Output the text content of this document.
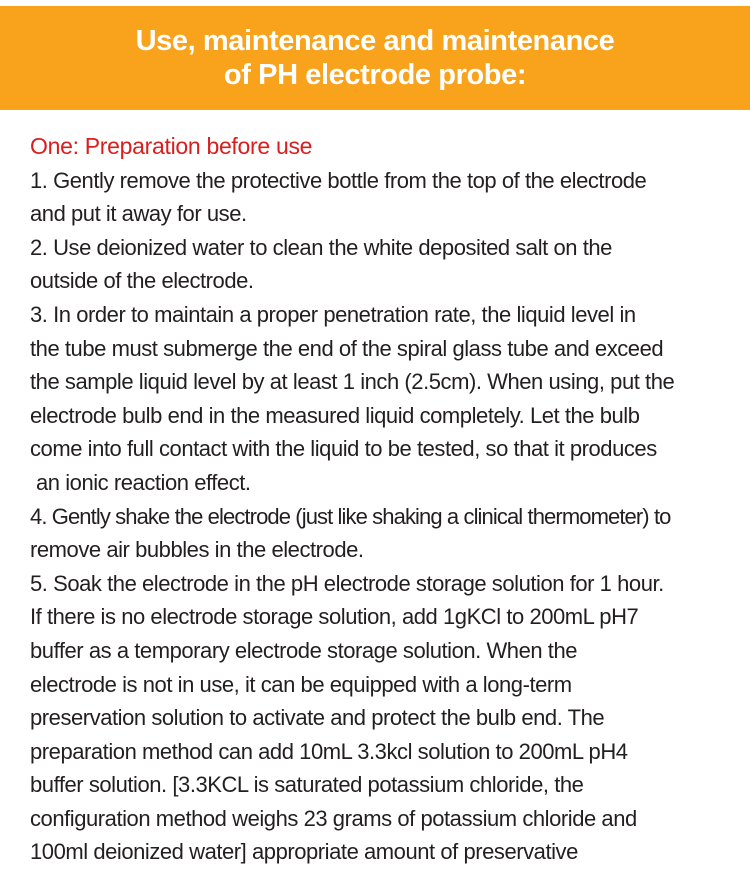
Use, maintenance and maintenance
of PH electrode probe:
One: Preparation before use
1. Gently remove the protective bottle from the top of the electrode
and put it away for use.
2. Use deionized water to clean the white deposited salt on the
outside of the electrode.
3. In order to maintain a proper penetration rate, the liquid level in
the tube must submerge the end of the spiral glass tube and exceed
the sample liquid level by at least 1 inch (2.5cm). When using, put the
electrode bulb end in the measured liquid completely. Let the bulb
come into full contact with the liquid to be tested, so that it produces
an ionic reaction effect.
4. Gently shake the electrode (just like shaking a clinical thermometer) to
remove air bubbles in the electrode.
5. Soak the electrode in the pH electrode storage solution for 1 hour.
If there is no electrode storage solution, add 1gKCl to 200mL pH7
buffer as a temporary electrode storage solution. When the
electrode is not in use, it can be equipped with a long-term
preservation solution to activate and protect the bulb end. The
preparation method can add 10mL 3.3kcl solution to 200mL pH4
buffer solution. [3.3KCL is saturated potassium chloride, the
configuration method weighs 23 grams of potassium chloride and
100ml deionized water] appropriate amount of preservative
